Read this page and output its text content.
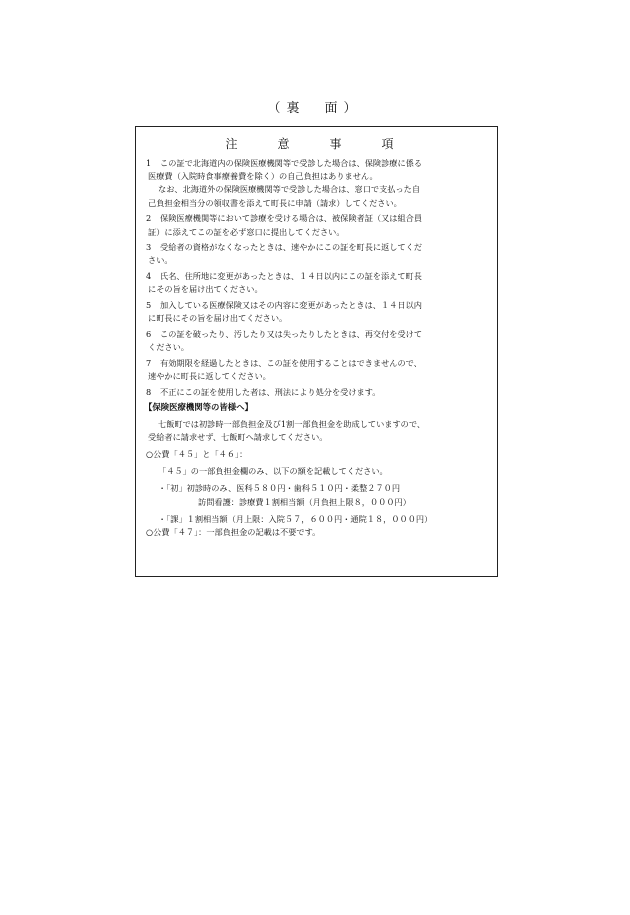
（裏　面）
注　意　事　項
1 この証で北海道内の保険医療機関等で受診した場合は、保険診療に係る
医療費（入院時食事療養費を除く）の自己負担はありません。
なお、北海道外の保険医療機関等で受診した場合は、窓口で支払った自
己負担金相当分の領収書を添えて町長に申請（請求）してください。
2 保険医療機関等において診療を受ける場合は、被保険者証（又は組合員
証）に添えてこの証を必ず窓口に提出してください。
3 受給者の資格がなくなったときは、速やかにこの証を町長に返してくだ
さい。
4 氏名、住所地に変更があったときは、１４日以内にこの証を添えて町長
にその旨を届け出てください。
5 加入している医療保険又はその内容に変更があったときは、１４日以内
に町長にその旨を届け出てください。
6 この証を破ったり、汚したり又は失ったりしたときは、再交付を受けて
ください。
7 有効期限を経過したときは、この証を使用することはできませんので、
速やかに町長に返してください。
8 不正にこの証を使用した者は、刑法により処分を受けます。
【保険医療機関等の皆様へ】
七飯町では初診時一部負担金及び1割一部負担金を助成していますので、
受給者に請求せず、七飯町へ請求してください。
○公費「４５」と「４６」：
「４５」の一部負担金欄のみ、以下の額を記載してください。
・「初」初診時のみ、医科５８０円・歯科５１０円・柔整２７０円
訪問看護：診療費１割相当額（月負担上限８，０００円）
・「課」１割相当額（月上限：入院５７，６００円・通院１８，０００円）
○公費「４７」：一部負担金の記載は不要です。
